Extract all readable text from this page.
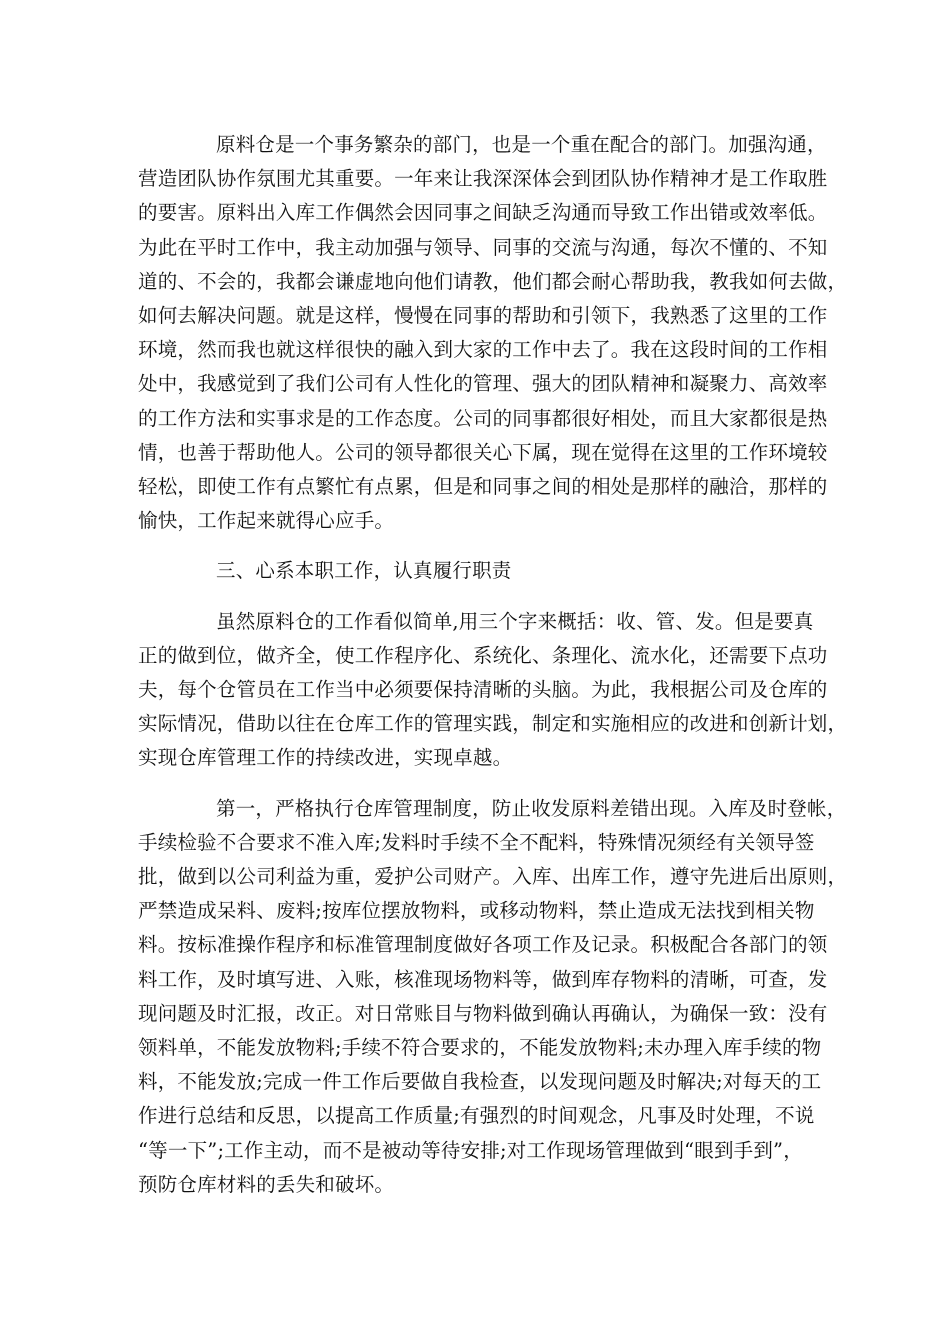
原料仓是一个事务繁杂的部门，也是一个重在配合的部门。加强沟通，
营造团队协作氛围尤其重要。一年来让我深深体会到团队协作精神才是工作取胜
的要害。原料出入库工作偶然会因同事之间缺乏沟通而导致工作出错或效率低。
为此在平时工作中，我主动加强与领导、同事的交流与沟通，每次不懂的、不知
道的、不会的，我都会谦虚地向他们请教，他们都会耐心帮助我，教我如何去做，
如何去解决问题。就是这样，慢慢在同事的帮助和引领下，我熟悉了这里的工作
环境，然而我也就这样很快的融入到大家的工作中去了。我在这段时间的工作相
处中，我感觉到了我们公司有人性化的管理、强大的团队精神和凝聚力、高效率
的工作方法和实事求是的工作态度。公司的同事都很好相处，而且大家都很是热
情，也善于帮助他人。公司的领导都很关心下属，现在觉得在这里的工作环境较
轻松，即使工作有点繁忙有点累，但是和同事之间的相处是那样的融洽，那样的
愉快，工作起来就得心应手。
三、心系本职工作，认真履行职责
虽然原料仓的工作看似简单,用三个字来概括：收、管、发。但是要真
正的做到位，做齐全，使工作程序化、系统化、条理化、流水化，还需要下点功
夫，每个仓管员在工作当中必须要保持清晰的头脑。为此，我根据公司及仓库的
实际情况，借助以往在仓库工作的管理实践，制定和实施相应的改进和创新计划，
实现仓库管理工作的持续改进，实现卓越。
第一，严格执行仓库管理制度，防止收发原料差错出现。入库及时登帐，
手续检验不合要求不准入库;发料时手续不全不配料，特殊情况须经有关领导签
批，做到以公司利益为重，爱护公司财产。入库、出库工作，遵守先进后出原则，
严禁造成呆料、废料;按库位摆放物料，或移动物料，禁止造成无法找到相关物
料。按标准操作程序和标准管理制度做好各项工作及记录。积极配合各部门的领
料工作，及时填写进、入账，核准现场物料等，做到库存物料的清晰，可查，发
现问题及时汇报，改正。对日常账目与物料做到确认再确认，为确保一致：没有
领料单，不能发放物料;手续不符合要求的，不能发放物料;未办理入库手续的物
料，不能发放;完成一件工作后要做自我检查，以发现问题及时解决;对每天的工
作进行总结和反思，以提高工作质量;有强烈的时间观念，凡事及时处理，不说
“等一下”;工作主动，而不是被动等待安排;对工作现场管理做到“眼到手到”，
预防仓库材料的丢失和破坏。
